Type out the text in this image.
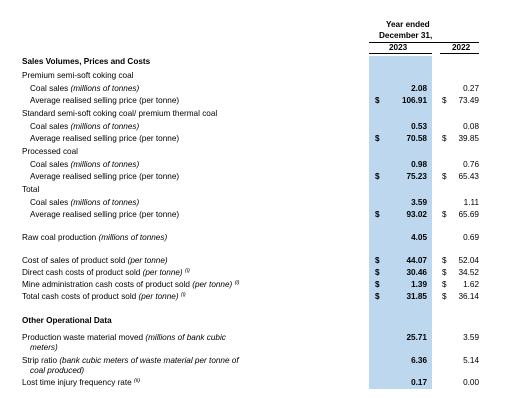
Year ended
December 31,
2023	2022
Sales Volumes, Prices and Costs
Premium semi-soft coking coal
Coal sales (millions of tonnes)	2.08	0.27
Average realised selling price (per tonne)	$	106.91 $ 73.49
Standard semi-soft coking coal/ premium thermal coal
Coal sales (millions of tonnes)	0.53	0.08
Average realised selling price (per tonne)	$	70.58 $ 39.85
Processed coal
Coal sales (millions of tonnes)	0.98	0.76
Average realised selling price (per tonne)	$	75.23 $ 65.43
Total
Coal sales (millions of tonnes)	3.59	1.11
Average realised selling price (per tonne)	$	93.02 $ 65.69
Raw coal production (millions of tonnes)	4.05	0.69
Cost of sales of product sold (per tonne)	$	44.07 $ 52.04
Direct cash costs of product sold (per tonne) $^{(i)}$	$	30.46 $ 34.52
Mine administration cash costs of product sold (per tonne) $^{(i)}$	$	1.39 $ 1.62
Total cash costs of product sold (per tonne) $^{(i)}$	$	31.85 $ 36.14
Other Operational Data
Production waste material moved (millions of bank cubic
meters)
25.71	3.59
Strip ratio (bank cubic meters of waste material per tonne of
coal produced)
6.36	5.14
Lost time injury frequency rate $^{(ii)}$	0.17	0.00
